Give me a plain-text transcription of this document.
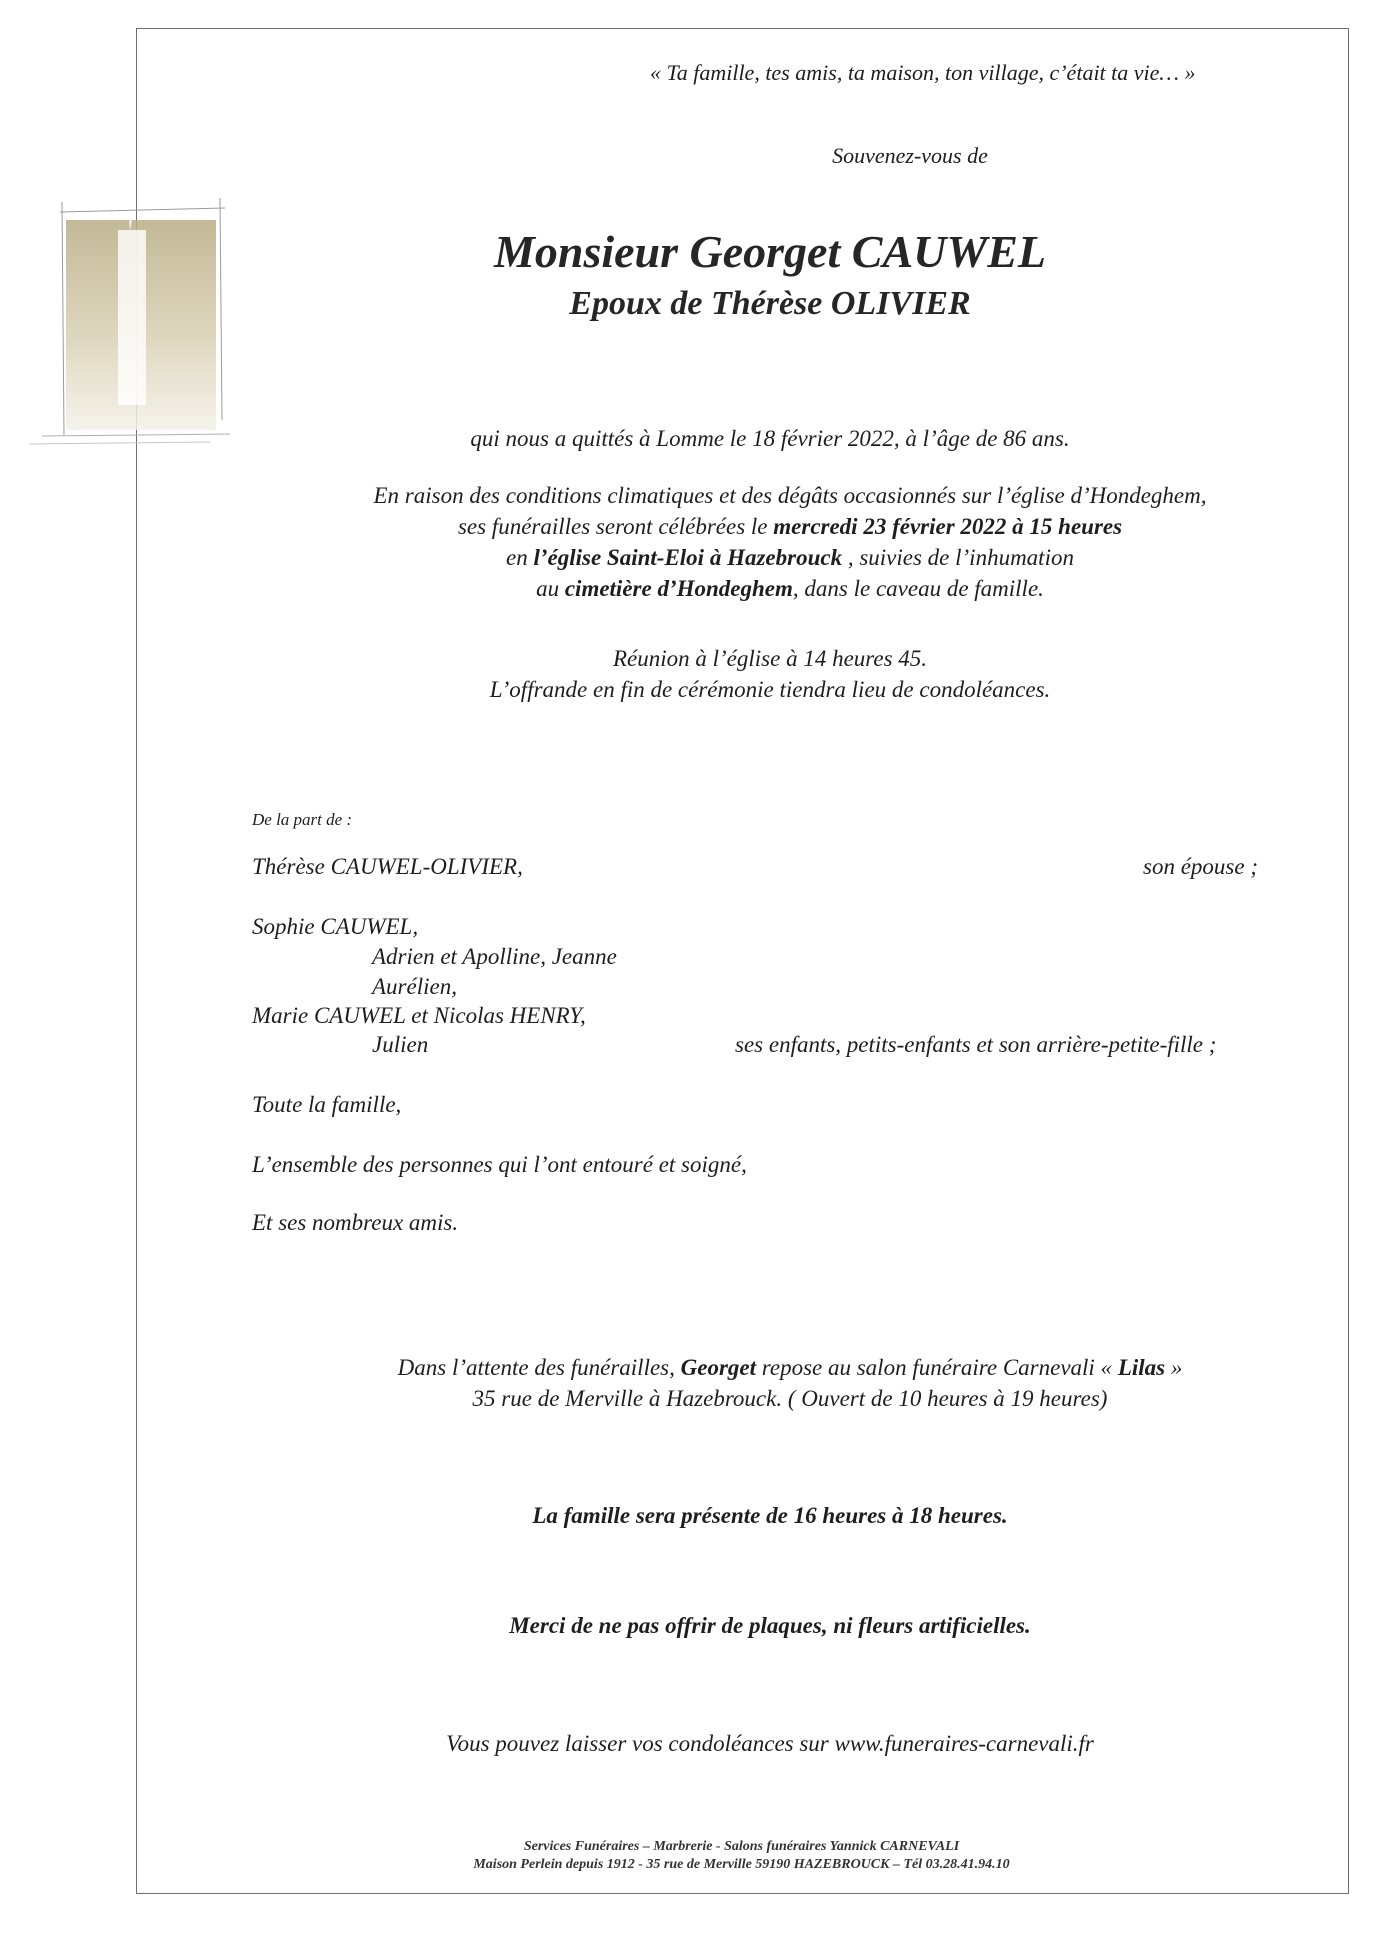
« Ta famille, tes amis, ta maison, ton village, c’était ta vie… »
Souvenez-vous de
Monsieur Georget CAUWEL
Epoux de Thérèse OLIVIER
qui nous a quittés à Lomme le 18 février 2022, à l’âge de 86 ans.
En raison des conditions climatiques et des dégâts occasionnés sur l’église d’Hondeghem,
ses funérailles seront célébrées le mercredi 23 février 2022 à 15 heures
en l’église Saint-Eloi à Hazebrouck , suivies de l’inhumation
au cimetière d’Hondeghem, dans le caveau de famille.
Réunion à l’église à 14 heures 45.
L’offrande en fin de cérémonie tiendra lieu de condoléances.
De la part de :
Thérèse CAUWEL-OLIVIER,	son épouse ;
Sophie CAUWEL,
Adrien et Apolline, Jeanne
Aurélien,
Marie CAUWEL et Nicolas HENRY,
Julien	ses enfants, petits-enfants et son arrière-petite-fille ;
Toute la famille,
L’ensemble des personnes qui l’ont entouré et soigné,
Et ses nombreux amis.
Dans l’attente des funérailles, Georget repose au salon funéraire Carnevali « Lilas »
35 rue de Merville à Hazebrouck. ( Ouvert de 10 heures à 19 heures)
La famille sera présente de 16 heures à 18 heures.
Merci de ne pas offrir de plaques, ni fleurs artificielles.
Vous pouvez laisser vos condoléances sur www.funeraires-carnevali.fr
Services Funéraires – Marbrerie - Salons funéraires Yannick CARNEVALI
Maison Perlein depuis 1912 - 35 rue de Merville 59190 HAZEBROUCK – Tél 03.28.41.94.10
